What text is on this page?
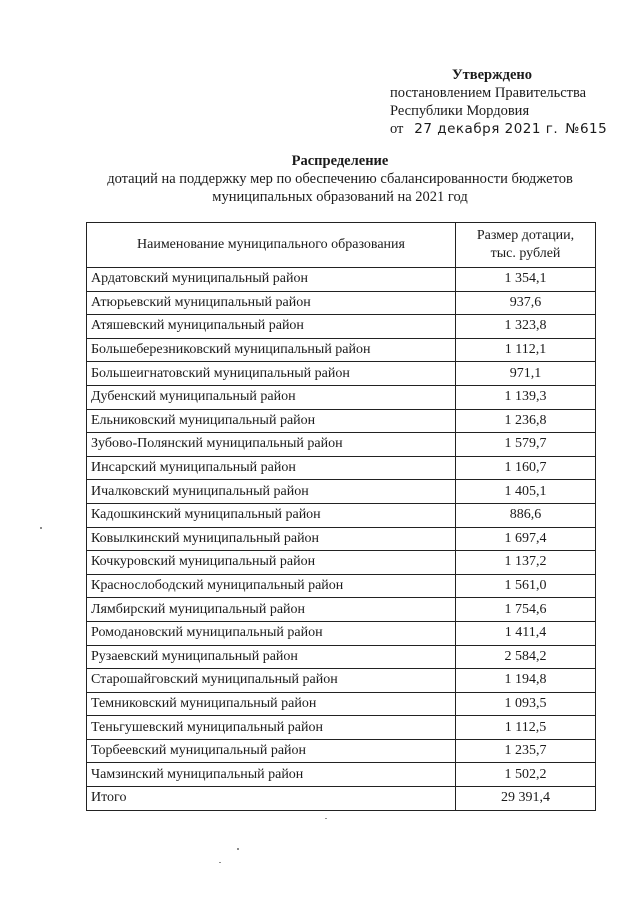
Утверждено
постановлением Правительства
Республики Мордовия
от 27 декабря 2021 г. №615
Распределение
дотаций на поддержку мер по обеспечению сбалансированности бюджетов
муниципальных образований на 2021 год
Наименование муниципального образования	Размер дотации,
тыс. рублей
Ардатовский муниципальный район	1 354,1
Атюрьевский муниципальный район	937,6
Атяшевский муниципальный район	1 323,8
Большеберезниковский муниципальный район	1 112,1
Большеигнатовский муниципальный район	971,1
Дубенский муниципальный район	1 139,3
Ельниковский муниципальный район	1 236,8
Зубово-Полянский муниципальный район	1 579,7
Инсарский муниципальный район	1 160,7
Ичалковский муниципальный район	1 405,1
Кадошкинский муниципальный район	886,6
Ковылкинский муниципальный район	1 697,4
Кочкуровский муниципальный район	1 137,2
Краснослободский муниципальный район	1 561,0
Лямбирский муниципальный район	1 754,6
Ромодановский муниципальный район	1 411,4
Рузаевский муниципальный район	2 584,2
Старошайговский муниципальный район	1 194,8
Темниковский муниципальный район	1 093,5
Теньгушевский муниципальный район	1 112,5
Торбеевский муниципальный район	1 235,7
Чамзинский муниципальный район	1 502,2
Итого	29 391,4
